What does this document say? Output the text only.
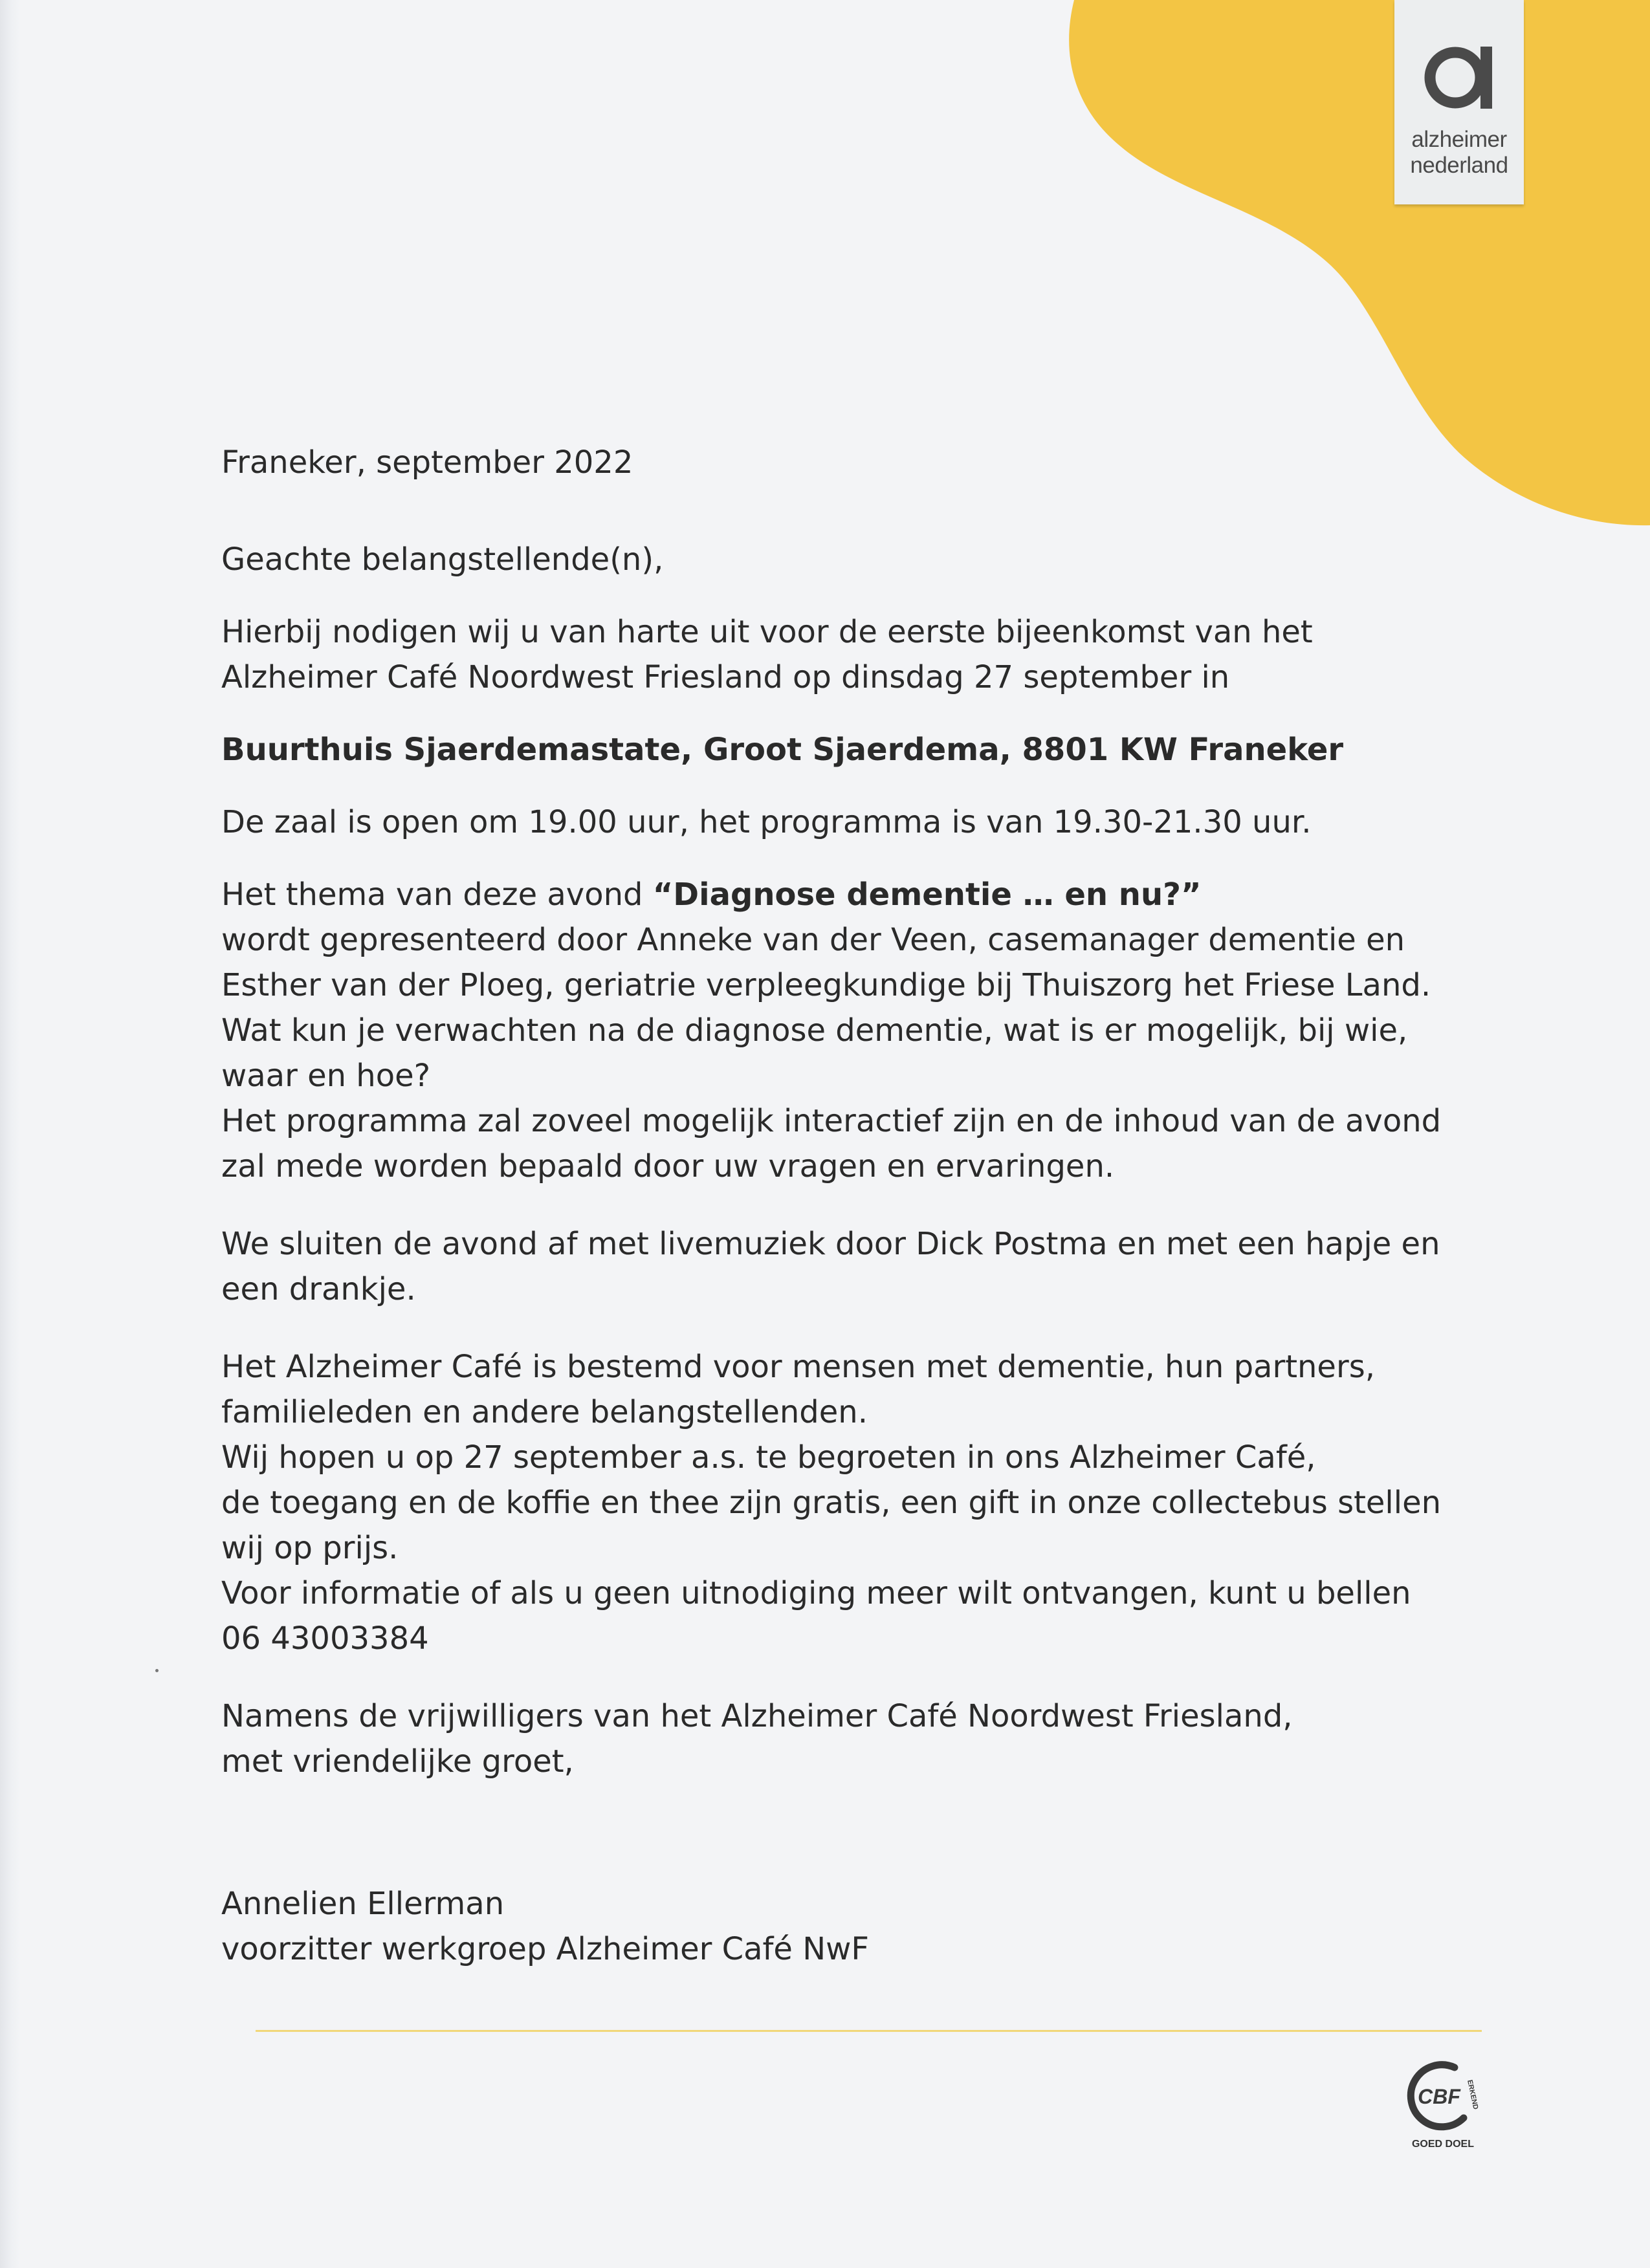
alzheimer
nederland

Franeker, september 2022

Geachte belangstellende(n),

Hierbij nodigen wij u van harte uit voor de eerste bijeenkomst van het

Alzheimer Café Noordwest Friesland op dinsdag 27 september in

Buurthuis Sjaerdemastate, Groot Sjaerdema, 8801 KW Franeker

De zaal is open om 19.00 uur, het programma is van 19.30-21.30 uur.

Het thema van deze avond “Diagnose dementie … en nu?”

wordt gepresenteerd door Anneke van der Veen, casemanager dementie en

Esther van der Ploeg, geriatrie verpleegkundige bij Thuiszorg het Friese Land.

Wat kun je verwachten na de diagnose dementie, wat is er mogelijk, bij wie,

waar en hoe?

Het programma zal zoveel mogelijk interactief zijn en de inhoud van de avond

zal mede worden bepaald door uw vragen en ervaringen.

We sluiten de avond af met livemuziek door Dick Postma en met een hapje en

een drankje.

Het Alzheimer Café is bestemd voor mensen met dementie, hun partners,

familieleden en andere belangstellenden.

Wij hopen u op 27 september a.s. te begroeten in ons Alzheimer Café,

de toegang en de koffie en thee zijn gratis, een gift in onze collectebus stellen

wij op prijs.

Voor informatie of als u geen uitnodiging meer wilt ontvangen, kunt u bellen

06 43003384

Namens de vrijwilligers van het Alzheimer Café Noordwest Friesland,

met vriendelijke groet,

Annelien Ellerman

voorzitter werkgroep Alzheimer Café NwF

CBF ERKEND
GOED DOEL
